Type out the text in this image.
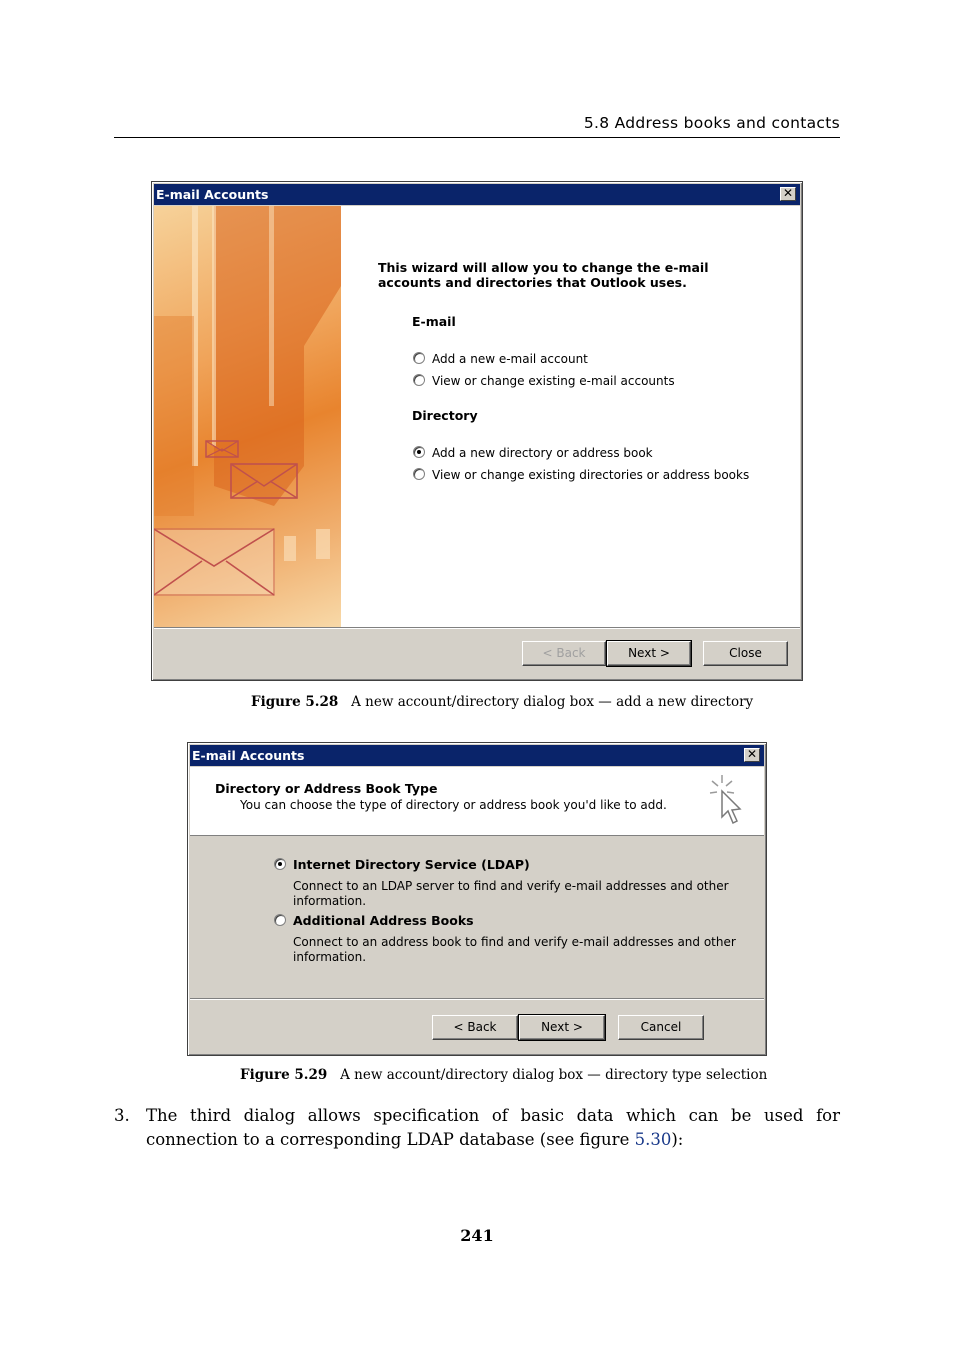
5.8 Address books and contacts
E-mail Accounts	✕
This wizard will allow you to change the e-mail
accounts and directories that Outlook uses.
E-mail
Add a new e-mail account
View or change existing e-mail accounts
Directory
Add a new directory or address book
View or change existing directories or address books
< Back	Next >	Close
Figure 5.28 A new account/directory dialog box — add a new directory
E-mail Accounts	✕
Directory or Address Book Type
You can choose the type of directory or address book you'd like to add.
Internet Directory Service (LDAP)
Connect to an LDAP server to find and verify e-mail addresses and other
information.
Additional Address Books
Connect to an address book to find and verify e-mail addresses and other
information.
< Back	Next >	Cancel
Figure 5.29 A new account/directory dialog box — directory type selection
3. The third dialog allows specification of basic data which can be used for connection to a corresponding LDAP database (see figure 5.30):
241
